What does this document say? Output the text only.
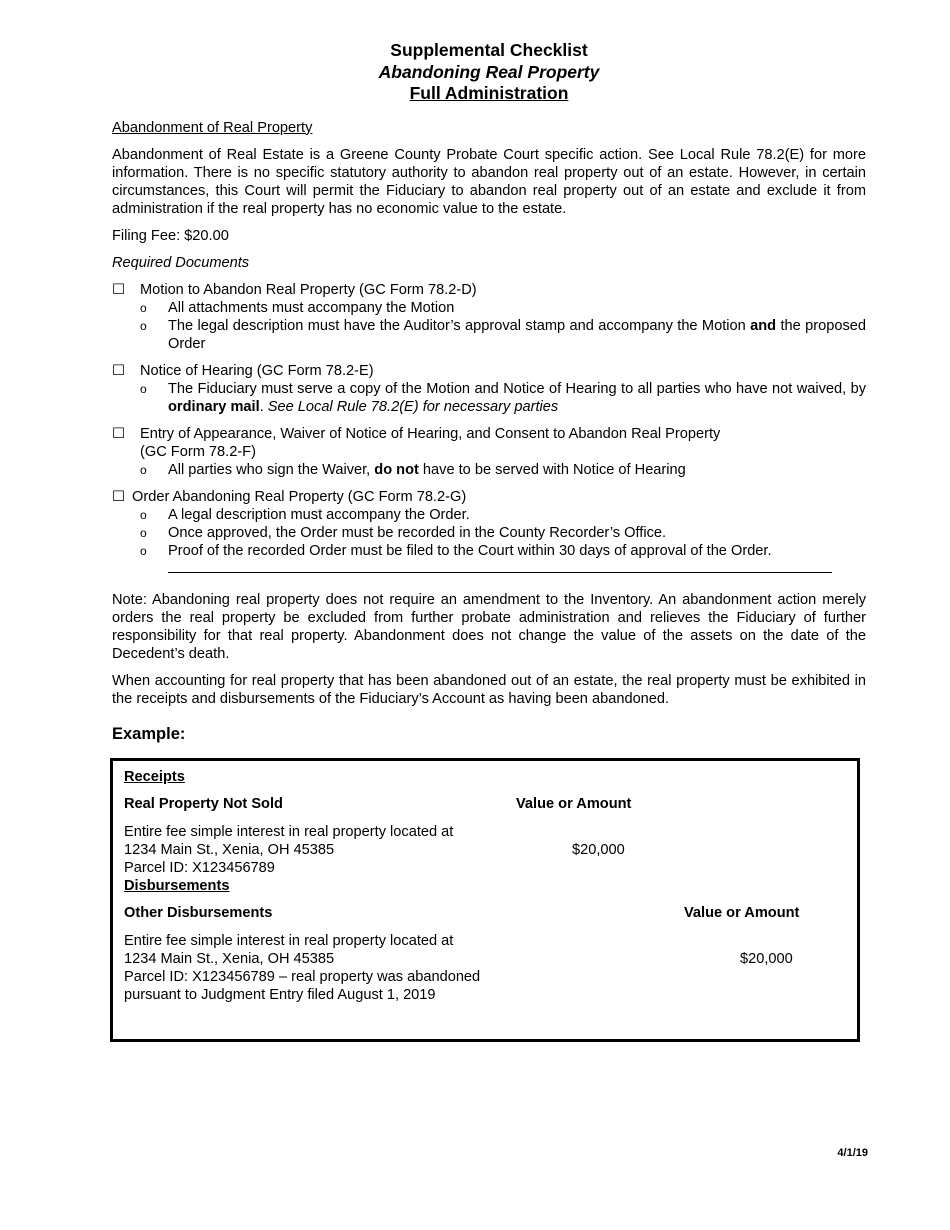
Supplemental Checklist
Abandoning Real Property
Full Administration

Abandonment of Real Property

Abandonment of Real Estate is a Greene County Probate Court specific action. See Local Rule 78.2(E) for more information. There is no specific statutory authority to abandon real property out of an estate. However, in certain circumstances, this Court will permit the Fiduciary to abandon real property out of an estate and exclude it from administration if the real property has no economic value to the estate.

Filing Fee: $20.00

Required Documents

☐	Motion to Abandon Real Property (GC Form 78.2-D)
o	All attachments must accompany the Motion
o	The legal description must have the Auditor’s approval stamp and accompany the Motion and the proposed Order
☐	Notice of Hearing (GC Form 78.2-E)
o	The Fiduciary must serve a copy of the Motion and Notice of Hearing to all parties who have not waived, by ordinary mail. See Local Rule 78.2(E) for necessary parties
☐	Entry of Appearance, Waiver of Notice of Hearing, and Consent to Abandon Real Property
(GC Form 78.2-F)
o	All parties who sign the Waiver, do not have to be served with Notice of Hearing
☐ Order Abandoning Real Property (GC Form 78.2-G)
o	A legal description must accompany the Order.
o	Once approved, the Order must be recorded in the County Recorder’s Office.
o	Proof of the recorded Order must be filed to the Court within 30 days of approval of the Order.

Note: Abandoning real property does not require an amendment to the Inventory. An abandonment action merely orders the real property be excluded from further probate administration and relieves the Fiduciary of further responsibility for that real property. Abandonment does not change the value of the assets on the date of the Decedent’s death.

When accounting for real property that has been abandoned out of an estate, the real property must be exhibited in the receipts and disbursements of the Fiduciary’s Account as having been abandoned.

Example:
Receipts
Real Property Not Sold	Value or Amount
Entire fee simple interest in real property located at
1234 Main St., Xenia, OH 45385
Parcel ID: X123456789
$20,000
Disbursements
Other Disbursements	Value or Amount
Entire fee simple interest in real property located at
1234 Main St., Xenia, OH 45385
Parcel ID: X123456789 – real property was abandoned
pursuant to Judgment Entry filed August 1, 2019
$20,000
4/1/19
